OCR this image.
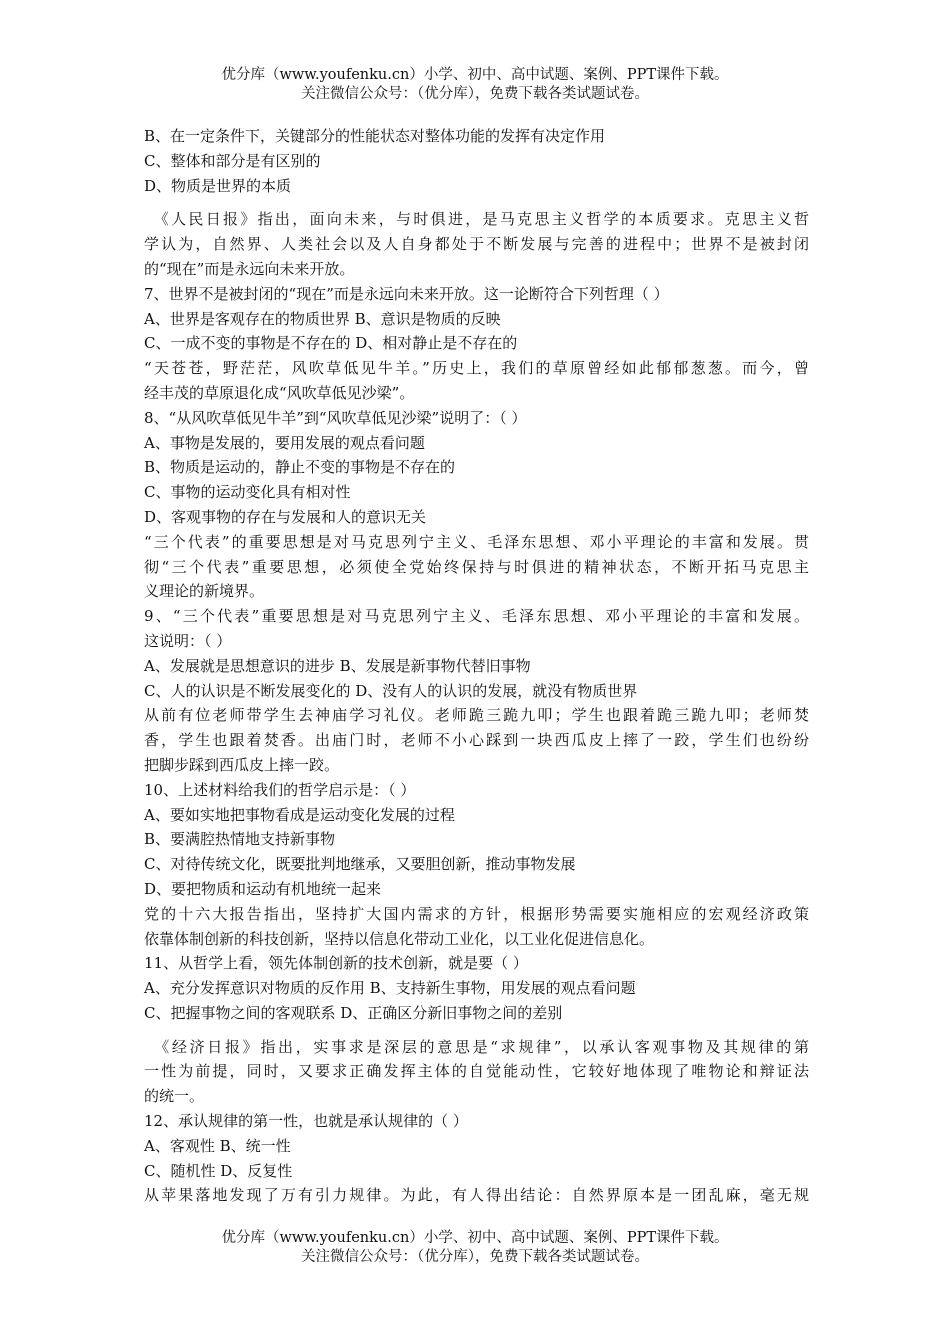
优分库（www.youfenku.cn）小学、初中、高中试题、案例、PPT课件下载。
关注微信公众号：（优分库），免费下载各类试题试卷。
B、在一定条件下，关键部分的性能状态对整体功能的发挥有决定作用
C、整体和部分是有区别的
D、物质是世界的本质
　《人民日报》指出，面向未来，与时俱进，是马克思主义哲学的本质要求。克思主义哲
学认为，自然界、人类社会以及人自身都处于不断发展与完善的进程中；世界不是被封闭
的“现在”而是永远向未来开放。
7、世界不是被封闭的“现在”而是永远向未来开放。这一论断符合下列哲理（ ）
A、世界是客观存在的物质世界 B、意识是物质的反映
C、一成不变的事物是不存在的 D、相对静止是不存在的
“天苍苍，野茫茫，风吹草低见牛羊。”历史上，我们的草原曾经如此郁郁葱葱。而今，曾
经丰茂的草原退化成“风吹草低见沙梁”。
8、“从风吹草低见牛羊”到“风吹草低见沙梁”说明了：（ ）
A、事物是发展的，要用发展的观点看问题
B、物质是运动的，静止不变的事物是不存在的
C、事物的运动变化具有相对性
D、客观事物的存在与发展和人的意识无关
“三个代表”的重要思想是对马克思列宁主义、毛泽东思想、邓小平理论的丰富和发展。贯
彻“三个代表”重要思想，必须使全党始终保持与时俱进的精神状态，不断开拓马克思主
义理论的新境界。
9、“三个代表”重要思想是对马克思列宁主义、毛泽东思想、邓小平理论的丰富和发展。
这说明：（ ）
A、发展就是思想意识的进步 B、发展是新事物代替旧事物
C、人的认识是不断发展变化的 D、没有人的认识的发展，就没有物质世界
从前有位老师带学生去神庙学习礼仪。老师跪三跪九叩；学生也跟着跪三跪九叩；老师焚
香，学生也跟着焚香。出庙门时，老师不小心踩到一块西瓜皮上摔了一跤，学生们也纷纷
把脚步踩到西瓜皮上摔一跤。
10、上述材料给我们的哲学启示是：（ ）
A、要如实地把事物看成是运动变化发展的过程
B、要满腔热情地支持新事物
C、对待传统文化，既要批判地继承，又要胆创新，推动事物发展
D、要把物质和运动有机地统一起来
党的十六大报告指出，坚持扩大国内需求的方针，根据形势需要实施相应的宏观经济政策
依靠体制创新的科技创新，坚持以信息化带动工业化，以工业化促进信息化。
11、从哲学上看，领先体制创新的技术创新，就是要（ ）
A、充分发挥意识对物质的反作用 B、支持新生事物，用发展的观点看问题
C、把握事物之间的客观联系 D、正确区分新旧事物之间的差别
　《经济日报》指出，实事求是深层的意思是“求规律”，以承认客观事物及其规律的第
一性为前提，同时，又要求正确发挥主体的自觉能动性，它较好地体现了唯物论和辩证法
的统一。
12、承认规律的第一性，也就是承认规律的（ ）
A、客观性 B、统一性
C、随机性 D、反复性
从苹果落地发现了万有引力规律。为此，有人得出结论：自然界原本是一团乱麻，毫无规
优分库（www.youfenku.cn）小学、初中、高中试题、案例、PPT课件下载。
关注微信公众号：（优分库），免费下载各类试题试卷。
